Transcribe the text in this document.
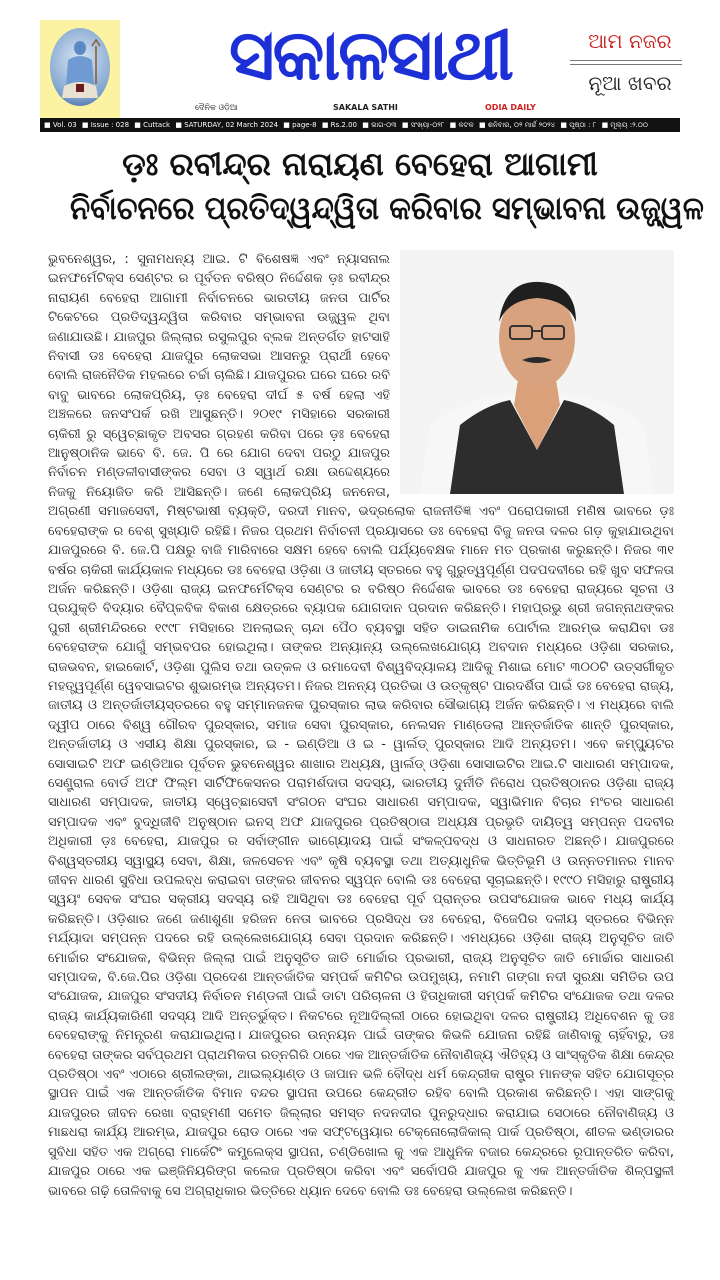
ସକାଳସାଥୀ
ଦୈନିକ ଓଡ଼ିଆ	SAKALA SATHI	ODIA DAILY
ଆମ ନଜର
ନୂଆ ଖବର
■ Vol. 03 ■ Issue : 028 ■ Cuttack ■ SATURDAY, 02 March 2024 ■ page-8 ■ Rs.2.00 ■ ଭାଗ-୦୩ ■ ସଂଖ୍ୟା-୦୨୮ ■ କଟକ ■ ଶନିବାର, ୦୨ ମାର୍ଚ୍ଚ ୨୦୨୪ ■ ପୃଷ୍ଠା : ୮ ■ ମୂଲ୍ୟ :୨.୦୦
ଡ଼ଃ ରବୀନ୍ଦ୍ର ନାରାୟଣ ବେହେରା ଆଗାମୀ
ନିର୍ବାଚନରେ ପ୍ରତିଦ୍ୱନ୍ଦ୍ୱିତା କରିବାର ସମ୍ଭାବନା ଉଜ୍ଜ୍ୱଳ

ଭୁବନେଶ୍ୱର, : ସୁନାମଧନ୍ୟ ଆଇ. ଟି ବିଶେଷଜ୍ଞ ଏବଂ ନ୍ୟାସନାଲ ଇନଫର୍ମେଟିକ୍ସ ସେଣ୍ଟର ର ପୂର୍ବତନ ବରିଷ୍ଠ ନିର୍ଦ୍ଦେଶକ ଡ଼ଃ ରବୀନ୍ଦ୍ର ନାରାୟଣ ବେହେରା ଆଗାମୀ ନିର୍ବାଚନରେ ଭାରତୀୟ ଜନତା ପାର୍ଟିର ଟିକେଟରେ ପ୍ରତିଦ୍ୱନ୍ଦ୍ୱିତା କରିବାର ସମ୍ଭାବନା ଉଜ୍ଜ୍ୱଳ ଥିବା ଜଣାଯାଉଛି। ଯାଜପୁର ଜିଲ୍ଲାର ରସୁଲପୁର ବ୍ଲକ ଅନ୍ତର୍ଗତ ହାଟସାହି ନିବାସୀ ଡଃ ବେହେରା ଯାଜପୁର ଲୋକସଭା ଆସନରୁ ପ୍ରାର୍ଥୀ ହେବେ ବୋଲି ରାଜନୈତିକ ମହଲରେ ଚର୍ଚ୍ଚା ଚାଲିଛି। ଯାଜପୁରର ଘରେ ଘରେ ରବି ବାବୁ ଭାବରେ ଲୋକପ୍ରିୟ, ଡ଼ଃ ବେହେରା ଦୀର୍ଘ ୫ ବର୍ଷ ହେଲା ଏହି ଅଞ୍ଚଳରେ ଜନସଂପର୍କ ରଖି ଆସୁଛନ୍ତି। ୨୦୧୯ ମସିହାରେ ସରକାରୀ ଚାକିରୀ ରୁ ସ୍ୱେଚ୍ଛାକୃତ ଅବସର ଗ୍ରହଣ କରିବା ପରେ ଡ଼ଃ ବେହେରା ଆନୁଷ୍ଠାନିକ ଭାବେ ବି. ଜେ. ପି ରେ ଯୋଗ ଦେବା ପରଠୁ ଯାଜପୁର ନିର୍ବାଚନ ମଣ୍ଡଳୀବାସୀଙ୍କର ସେବା ଓ ସ୍ୱାର୍ଥ ରକ୍ଷା ଉଦ୍ଦେଶ୍ୟରେ ନିଜକୁ ନିୟୋଜିତ କରି ଆସିଛନ୍ତି। ଜଣେ ଲୋକପ୍ରିୟ ଜନନେତା, ଅଗ୍ରଣୀ ସମାଜସେବୀ, ମିଷ୍ଟଭାଷୀ ବ୍ୟକ୍ତି, ଦରଦୀ ମାନବ, ଭଦ୍ରଲୋକ ରାଜନୀତିଜ୍ଞ ଏବଂ ପରୋପକାରୀ ମଣିଷ ଭାବରେ ଡ଼ଃ ବେହେରାଙ୍କ ର ବେଶ୍ ସୁଖ୍ୟାତି ରହିଛି। ନିଜର ପ୍ରଥମ ନିର୍ବାଚନୀ ପ୍ରୟାସରେ ଡଃ ବେହେରା ବିଜୁ ଜନତା ଦଳର ଗଡ଼ କୁହାଯାଉଥିବା ଯାଜପୁରରେ ବି. ଜେ.ପି ପକ୍ଷରୁ ବାଜି ମାରିବାରେ ସକ୍ଷମ ହେବେ ବୋଲି ପର୍ଯ୍ୟବେକ୍ଷକ ମାନେ ମତ ପ୍ରକାଶ କରୁଛନ୍ତି।

ନିଜର ୩୧ ବର୍ଷର ଚାକିରୀ କାର୍ଯ୍ୟକାଳ ମଧ୍ୟରେ ଡଃ ବେହେରା ଓଡ଼ିଶା ଓ ଜାତୀୟ ସ୍ତରରେ ବହୁ ଗୁରୁତ୍ୱପୂର୍ଣ୍ଣ ପଦପଦବୀରେ ରହି ଖୁବ ସଫଳତା ଅର୍ଜନ କରିଛନ୍ତି। ଓଡ଼ିଶା ରାଜ୍ୟ ଇନଫର୍ମେଟିକ୍ସ ସେଣ୍ଟର ର ବରିଷ୍ଠ ନିର୍ଦ୍ଦେଶକ ଭାବରେ ଡଃ ବେହେରା ରାଜ୍ୟରେ ସୂଚନା ଓ ପ୍ରଯୁକ୍ତି ବିଦ୍ୟାର ବୈପ୍ଳବିକ ବିକାଶ କ୍ଷେତ୍ରରେ ବ୍ୟାପକ ଯୋଗଦାନ ପ୍ରଦାନ କରିଛନ୍ତି। ମହାପ୍ରଭୁ ଶ୍ରୀ ଜଗନ୍ନାଥଙ୍କର ପୁରୀ ଶ୍ରୀମନ୍ଦିରରେ ୧୯୯୮ ମସିହାରେ ଅନଲାଇନ୍ ଚାନ୍ଦା ପୈଠ ବ୍ୟବସ୍ଥା ସହିତ ଡାଇନାମିକ ପୋର୍ଟାଲ ଆରମ୍ଭ କରାଯିବା ଡଃ ବେହେରାଙ୍କ ଯୋଗୁଁ ସମ୍ଭବପର ହୋଇଥିଲା। ତାଙ୍କର ଅନ୍ୟାନ୍ୟ ଉଲ୍ଲେଖଯୋଗ୍ୟ ଅବଦାନ ମଧ୍ୟରେ ଓଡ଼ିଶା ସରକାର, ରାଜଭବନ, ହାଇକୋର୍ଟ, ଓଡ଼ିଶା ପୁଲିସ ତଥା ଉତ୍କଳ ଓ ରମାଦେବୀ ବିଶ୍ୱବିଦ୍ୟାଳୟ ଆଦିକୁ ମିଶାଇ ମୋଟ ୩୦୦ଟି ଉତ୍ସର୍ଗୀକୃତ ମହତ୍ତ୍ୱପୂର୍ଣ୍ଣ ୱେବସାଇଟର ଶୁଭାରମ୍ଭ ଅନ୍ୟତମ। ନିଜର ଅନନ୍ୟ ପ୍ରତିଭା ଓ ଉତ୍କୃଷ୍ଟ ପାରଦର୍ଶିତା ପାଇଁ ଡଃ ବେହେରା ରାଜ୍ୟ, ଜାତୀୟ ଓ ଅନ୍ତର୍ଜାତୀୟସ୍ତରରେ ବହୁ ସମ୍ମାନଜନକ ପୁରସ୍କାର ଲାଭ କରିବାର ସୌଭାଗ୍ୟ ଅର୍ଜନ କରିଛନ୍ତି। ଏ ମଧ୍ୟରେ ବାଲି ଦ୍ୱୀପ ଠାରେ ବିଶ୍ୱ ଗୌରବ ପୁରସ୍କାର, ସମାଜ ସେବା ପୁରସ୍କାର, ନେଲସନ ମାଣ୍ଡେଲା ଆନ୍ତର୍ଜାତିକ ଶାନ୍ତି ପୁରସ୍କାର, ଅନ୍ତର୍ଜାତୀୟ ଓ ଏସୀୟ ଶିକ୍ଷା ପୁରସ୍କାର, ଇ - ଇଣ୍ଡିଆ ଓ ଇ - ୱାର୍ଲଡ୍ ପୁରସ୍କାର ଆଦି ଅନ୍ୟତମ।

ଏବେ କମ୍ପ୍ୟୁଟର ସୋସାଇଟି ଅଫ ଇଣ୍ଡିଆର ପୂର୍ବତନ ଭୁବନେଶ୍ୱର ଶାଖାର ଅଧ୍ୟକ୍ଷ, ୱାର୍ଲଡ୍ ଓଡ଼ିଶା ସୋସାଇଟିର ଆଇ.ଟି ସାଧାରଣ ସମ୍ପାଦକ, ସେଣ୍ଟ୍ରାଲ ବୋର୍ଡ ଅଫ ଫିଲ୍ମ ସାର୍ଟିଫିକେସନର ପରାମର୍ଶଦାତା ସଦସ୍ୟ, ଭାରତୀୟ ଦୁର୍ନୀତି ନିରୋଧ ପ୍ରତିଷ୍ଠାନର ଓଡ଼ିଶା ରାଜ୍ୟ ସାଧାରଣ ସମ୍ପାଦକ, ଜାତୀୟ ସ୍ୱେଚ୍ଛାସେବୀ ସଂଗଠନ ସଂଘର ସାଧାରଣ ସମ୍ପାଦକ, ସ୍ୱାଭିମାନ ବିଚାର ମଂଚର ସାଧାରଣ ସମ୍ପାଦକ ଏବଂ ବୁଦ୍ଧିଜୀବି ଅନୁଷ୍ଠାନ ଇନସ୍ ଅଫ ଯାଜପୁରର ପ୍ରତିଷ୍ଠାତା ଅଧ୍ୟକ୍ଷ ପ୍ରଭୃତି ଦାୟିତ୍ୱ ସମ୍ପନ୍ନ ପଦବୀର ଅଧିକାରୀ ଡ଼ଃ ବେହେରା, ଯାଜପୁର ର ସର୍ବାଙ୍ଗୀନ ଭାଗ୍ୟୋଦୟ ପାଇଁ ସଂକଳ୍ପବଦ୍ଧ ଓ ସାଧନାରତ ଅଛନ୍ତି। ଯାଜପୁରରେ ବିଶ୍ୱସ୍ତରୀୟ ସ୍ୱାସ୍ଥ୍ୟ ସେବା, ଶିକ୍ଷା, ଜଳସେଚନ ଏବଂ କୃଷି ବ୍ୟବସ୍ଥା ତଥା ଅତ୍ୟାଧୁନିକ ଭିତ୍ତିଭୂମି ଓ ଉନ୍ନତମାନର ମାନବ ଜୀବନ ଧାରଣ ସୁବିଧା ଉପଲବ୍ଧ କରାଇବା ତାଙ୍କର ଜୀବନର ସ୍ୱପ୍ନ ବୋଲି ଡଃ ବେହେରା ସୂଚାଇଛନ୍ତି। ୧୯୯୦ ମସିହାରୁ ରାଷ୍ଟ୍ରୀୟ ସ୍ୱୟଂ ସେବକ ସଂଘର ସକ୍ରୀୟ ସଦସ୍ୟ ରହି ଆସିଥିବା ଡଃ ବେହେରା ପୂର୍ବ ପ୍ରାନ୍ତର ଉପସଂଯୋଜକ ଭାବେ ମଧ୍ୟ କାର୍ଯ୍ୟ କରିଛନ୍ତି। ଓଡ଼ିଶାର ଜଣେ ଜଣାଶୁଣା ହରିଜନ ନେତା ଭାବରେ ପ୍ରସିଦ୍ଧ ଡଃ ବେହେରା, ବିଜେପିର ଦଳୀୟ ସ୍ତରରେ ବିଭିନ୍ନ ମର୍ଯ୍ୟାଦା ସମ୍ପନ୍ନ ପଦରେ ରହି ଉଲ୍ଲେଖଯୋଗ୍ୟ ସେବା ପ୍ରଦାନ କରିଛନ୍ତି।

ଏମଧ୍ୟରେ ଓଡ଼ିଶା ରାଜ୍ୟ ଅନୁସୂଚିତ ଜାତି ମୋର୍ଚ୍ଚାର ସଂଯୋଜକ, ବିଭିନ୍ନ ଜିଲ୍ଲା ପାଇଁ ଅନୁସୂଚିତ ଜାତି ମୋର୍ଚ୍ଚାର ପ୍ରଭାରୀ, ରାଜ୍ୟ ଅନୁସୂଚିତ ଜାତି ମୋର୍ଚ୍ଚାର ସାଧାରଣ ସମ୍ପାଦକ, ବି.ଜେ.ପିର ଓଡ଼ିଶା ପ୍ରଦେଶ ଆନ୍ତର୍ଜାତିକ ସମ୍ପର୍କ କମିଟିର ଉପମୁଖ୍ୟ, ନମାମି ଗଙ୍ଗା ନଦୀ ସୁରକ୍ଷା ସମିତିର ଉପ ସଂଯୋଜକ, ଯାଜପୁର ସଂସଦୀୟ ନିର୍ବାଚନ ମଣ୍ଡଳୀ ପାଇଁ ଡାଟା ପରିଚାଳନା ଓ ହିତାଧିକାରୀ ସମ୍ପର୍କ କମିଟିର ସଂଯୋଜକ ତଥା ଦଳର ରାଜ୍ୟ କାର୍ଯ୍ୟକାରିଣୀ ସଦସ୍ୟ ଆଦି ଅନ୍ତର୍ଭୁକ୍ତ। ନିକଟରେ ନୂଆଦିଲ୍ଲୀ ଠାରେ ହୋଇଥିବା ଦଳର ରାଷ୍ଟ୍ରୀୟ ଅଧିବେଶନ କୁ ଡଃ ବେହେରାଙ୍କୁ ନିମନ୍ତ୍ରଣ କରାଯାଇଥିଲା। ଯାଜପୁରର ଉନ୍ନୟନ ପାଇଁ ତାଙ୍କର କିଭଳି ଯୋଜନା ରହିଛି ଜାଣିବାକୁ ଚାହିଁବାରୁ, ଡଃ ବେହେରା ତାଙ୍କର ସର୍ବପ୍ରଥମ ପ୍ରାଥମିକତା ରତ୍ନଗିରି ଠାରେ ଏକ ଆନ୍ତର୍ଜାତିକ ନୌବାଣିଜ୍ୟ ଐତିହ୍ୟ ଓ ସାଂସ୍କୃତିକ ଶିକ୍ଷା କେନ୍ଦ୍ର ପ୍ରତିଷ୍ଠା ଏବଂ ଏଠାରେ ଶ୍ରୀଲଙ୍କା, ଥାଇଲ୍ୟାଣ୍ଡ ଓ ଜାପାନ ଭଳି ବୌଦ୍ଧ ଧର୍ମ କେନ୍ଦ୍ରୀକ ରାଷ୍ଟ୍ର ମାନଙ୍କ ସହିତ ଯୋଗସୂତ୍ର ସ୍ଥାପନ ପାଇଁ ଏକ ଆନ୍ତର୍ଜାତିକ ବିମାନ ବନ୍ଦର ସ୍ଥାପନା ଉପରେ କେନ୍ଦ୍ରୀତ ରହିବ ବୋଲି ପ୍ରକାଶ କରିଛନ୍ତି।

ଏହା ସାଙ୍ଗକୁ ଯାଜପୁରର ଜୀବନ ରେଖା ବ୍ରାହ୍ମଣୀ ସମେତ ଜିଲ୍ଲାର ସମସ୍ତ ନଦନଦୀର ପୁନରୁଦ୍ଧାର କରାଯାଇ ସେଠାରେ ନୌବାଣିଜ୍ୟ ଓ ମାଛଧରା କାର୍ଯ୍ୟ ଆରମ୍ଭ, ଯାଜପୁର ରୋଡ ଠାରେ ଏକ ସଫ୍ଟୱେୟାର ଟେକ୍ନୋଲୋଜିକାଲ୍ ପାର୍କ ପ୍ରତିଷ୍ଠା, ଶୀତଳ ଭଣ୍ଡାରର ସୁବିଧା ସହିତ ଏକ ଅଗ୍ରୋ ମାର୍କେଟିଂ କମ୍ପ୍ଲେକ୍ସ ସ୍ଥାପନା, ଚଣ୍ଡିଖୋଲ କୁ ଏକ ଆଧୁନିକ ବଜାର କେନ୍ଦ୍ରରେ ରୂପାନ୍ତରିତ କରିବା, ଯାଜପୁର ଠାରେ ଏକ ଇଞ୍ଜିନିୟରିଙ୍ଗ କଲେଜ ପ୍ରତିଷ୍ଠା କରିବା ଏବଂ ସର୍ବୋପରି ଯାଜପୁର କୁ ଏକ ଆନ୍ତର୍ଜାତିକ ଶିଳ୍ପସ୍ଥଳୀ ଭାବରେ ଗଢ଼ି ତୋଳିବାକୁ ସେ ଅଗ୍ରାଧିକାର ଭିତ୍ତିରେ ଧ୍ୟାନ ଦେବେ ବୋଲି ଡଃ ବେହେରା ଉଲ୍ଲେଖ କରିଛନ୍ତି।
